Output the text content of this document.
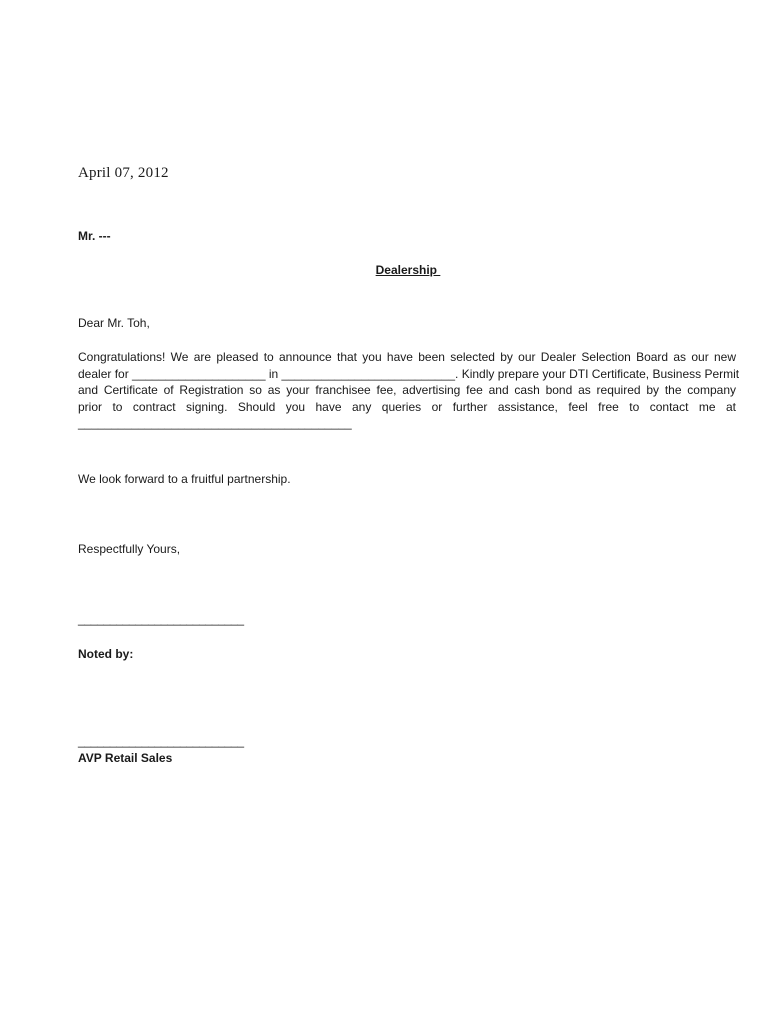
April 07, 2012
Mr. ---
Dealership
Dear Mr. Toh,
Congratulations! We are pleased to announce that you have been selected by our Dealer Selection Board as our new
dealer for ____________________ in __________________________. Kindly prepare your DTI Certificate, Business Permit
and Certificate of Registration so as your franchisee fee, advertising fee and cash bond as required by the company
prior to contract signing. Should you have any queries or further assistance, feel free to contact me at
_________________________________________
We look forward to a fruitful partnership.
Respectfully Yours,
__________________________
Noted by:
__________________________
AVP Retail Sales
